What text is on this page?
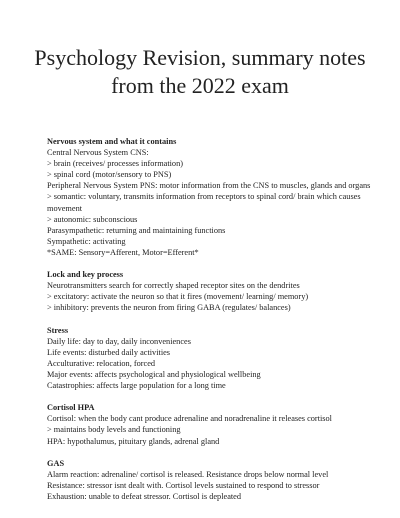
Psychology Revision, summary notes
from the 2022 exam
Nervous system and what it contains
Central Nervous System CNS:
> brain (receives/ processes information)
> spinal cord (motor/sensory to PNS)
Peripheral Nervous System PNS: motor information from the CNS to muscles, glands and organs
> somantic: voluntary, transmits information from receptors to spinal cord/ brain which causes movement
> autonomic: subconscious
Parasympathetic: returning and maintaining functions
Sympathetic: activating
*SAME: Sensory=Afferent, Motor=Efferent*
Lock and key process
Neurotransmitters search for correctly shaped receptor sites on the dendrites
> excitatory: activate the neuron so that it fires (movement/ learning/ memory)
> inhibitory: prevents the neuron from firing GABA (regulates/ balances)
Stress
Daily life: day to day, daily inconveniences
Life events: disturbed daily activities
Acculturative: relocation, forced
Major events: affects psychological and physiological wellbeing
Catastrophies: affects large population for a long time
Cortisol HPA
Cortisol: when the body cant produce adrenaline and noradrenaline it releases cortisol
> maintains body levels and functioning
HPA: hypothalumus, pituitary glands, adrenal gland
GAS
Alarm reaction: adrenaline/ cortisol is released. Resistance drops below normal level
Resistance: stressor isnt dealt with. Cortisol levels sustained to respond to stressor
Exhaustion: unable to defeat stressor. Cortisol is depleated
